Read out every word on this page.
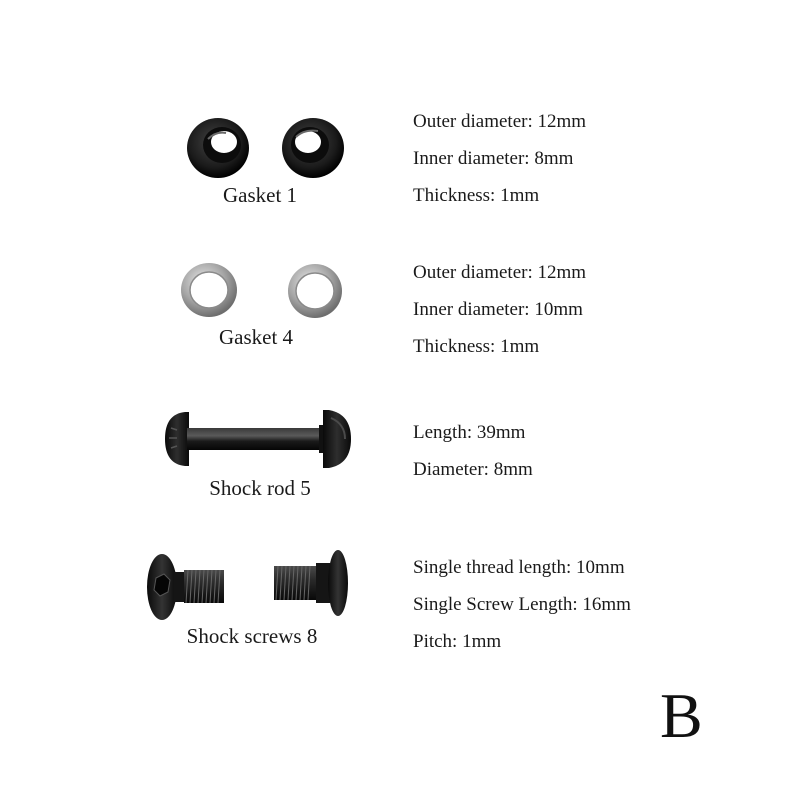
Gasket 1
Outer diameter: 12mm
Inner diameter: 8mm
Thickness: 1mm
Gasket 4
Outer diameter: 12mm
Inner diameter: 10mm
Thickness: 1mm
Shock rod 5
Length: 39mm
Diameter: 8mm
Shock screws 8
Single thread length: 10mm
Single Screw Length: 16mm
Pitch: 1mm
B
